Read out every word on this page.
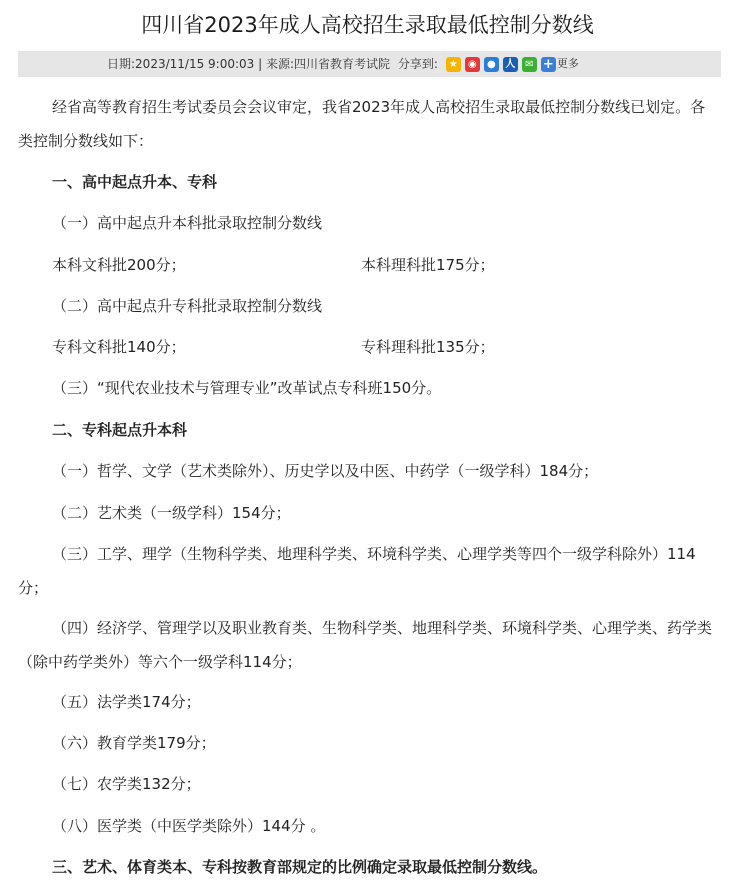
四川省2023年成人高校招生录取最低控制分数线
日期:2023/11/15 9:00:03 | 来源:四川省教育考试院 分享到:	★	◉	● 人 ✉ + 更多
经省高等教育招生考试委员会会议审定，我省2023年成人高校招生录取最低控制分数线已划定。各类控制分数线如下：
一、高中起点升本、专科
（一）高中起点升本科批录取控制分数线
本科文科批200分；	本科理科批175分；
（二）高中起点升专科批录取控制分数线
专科文科批140分；	专科理科批135分；
（三）“现代农业技术与管理专业”改革试点专科班150分。
二、专科起点升本科
（一）哲学、文学（艺术类除外）、历史学以及中医、中药学（一级学科）184分；
（二）艺术类（一级学科）154分；
（三）工学、理学（生物科学类、地理科学类、环境科学类、心理学类等四个一级学科除外）114分；
（四）经济学、管理学以及职业教育类、生物科学类、地理科学类、环境科学类、心理学类、药学类（除中药学类外）等六个一级学科114分；
（五）法学类174分；
（六）教育学类179分；
（七）农学类132分；
（八）医学类（中医学类除外）144分 。
三、艺术、体育类本、专科按教育部规定的比例确定录取最低控制分数线。
